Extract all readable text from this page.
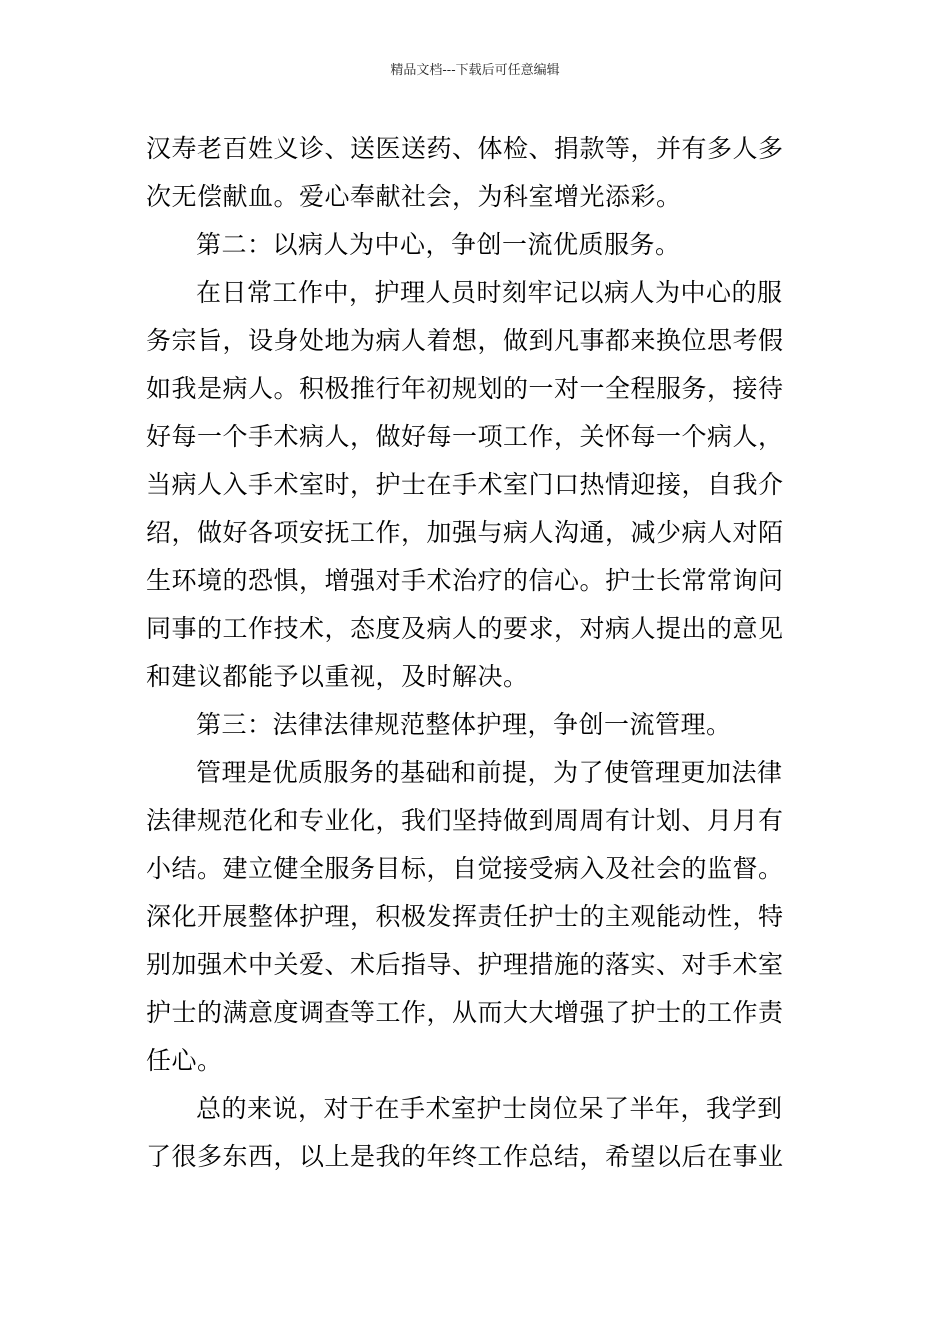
精品文档---下载后可任意编辑
汉寿老百姓义诊、送医送药、体检、捐款等，并有多人多
次无偿献血。爱心奉献社会，为科室增光添彩。
第二：以病人为中心，争创一流优质服务。
在日常工作中，护理人员时刻牢记以病人为中心的服
务宗旨，设身处地为病人着想，做到凡事都来换位思考假
如我是病人。积极推行年初规划的一对一全程服务，接待
好每一个手术病人，做好每一项工作，关怀每一个病人，
当病人入手术室时，护士在手术室门口热情迎接，自我介
绍，做好各项安抚工作，加强与病人沟通，减少病人对陌
生环境的恐惧，增强对手术治疗的信心。护士长常常询问
同事的工作技术，态度及病人的要求，对病人提出的意见
和建议都能予以重视，及时解决。
第三：法律法律规范整体护理，争创一流管理。
管理是优质服务的基础和前提，为了使管理更加法律
法律规范化和专业化，我们坚持做到周周有计划、月月有
小结。建立健全服务目标，自觉接受病入及社会的监督。
深化开展整体护理，积极发挥责任护士的主观能动性，特
别加强术中关爱、术后指导、护理措施的落实、对手术室
护士的满意度调查等工作，从而大大增强了护士的工作责
任心。
总的来说，对于在手术室护士岗位呆了半年，我学到
了很多东西，以上是我的年终工作总结，希望以后在事业
